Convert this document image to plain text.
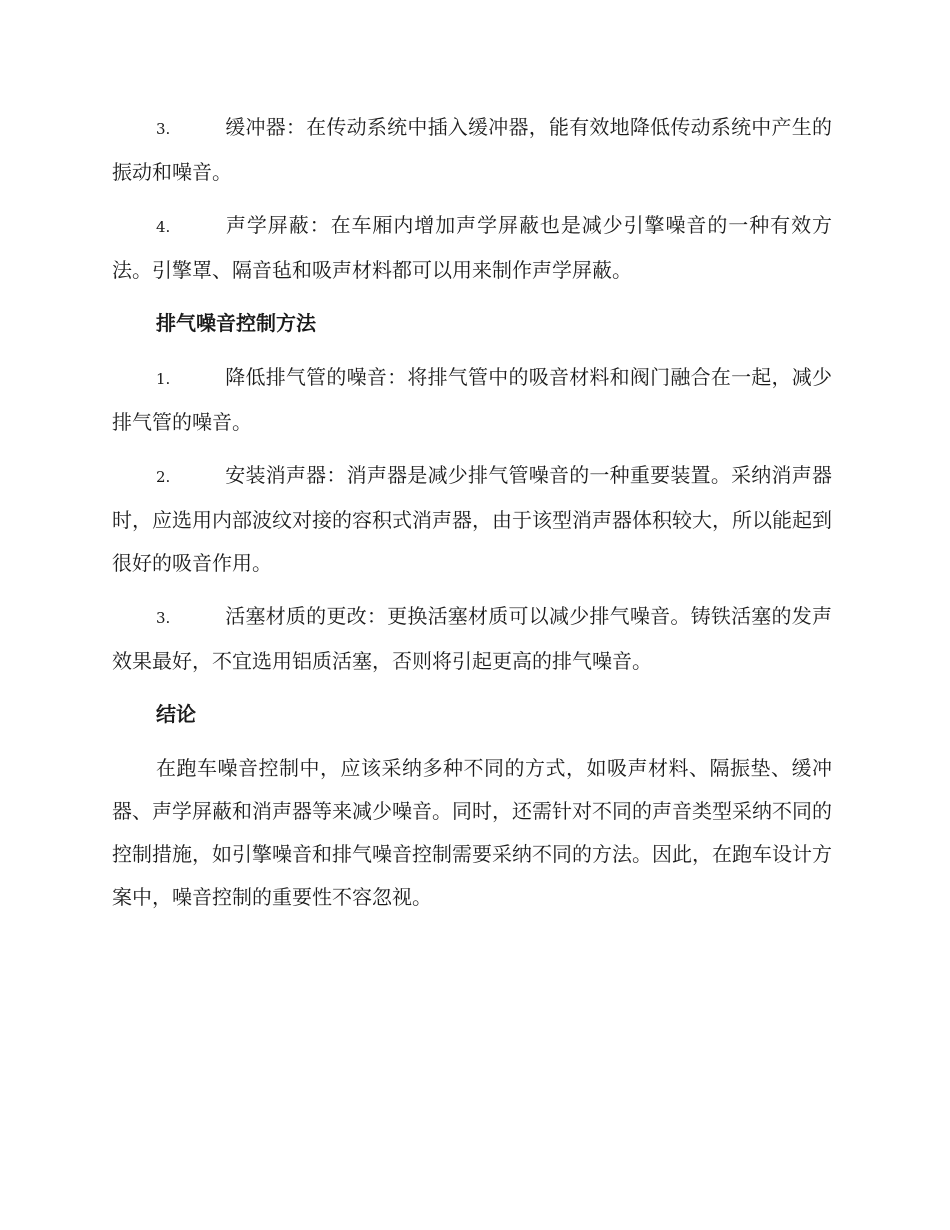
3.	缓冲器：在传动系统中插入缓冲器，能有效地降低传动系统中产生的振动和噪音。

4.	声学屏蔽：在车厢内增加声学屏蔽也是减少引擎噪音的一种有效方法。引擎罩、隔音毡和吸声材料都可以用来制作声学屏蔽。

排气噪音控制方法

1.	降低排气管的噪音：将排气管中的吸音材料和阀门融合在一起，减少排气管的噪音。

2.	安装消声器：消声器是减少排气管噪音的一种重要装置。采纳消声器时，应选用内部波纹对接的容积式消声器，由于该型消声器体积较大，所以能起到很好的吸音作用。

3.	活塞材质的更改：更换活塞材质可以减少排气噪音。铸铁活塞的发声效果最好，不宜选用铝质活塞，否则将引起更高的排气噪音。

结论

在跑车噪音控制中，应该采纳多种不同的方式，如吸声材料、隔振垫、缓冲器、声学屏蔽和消声器等来减少噪音。同时，还需针对不同的声音类型采纳不同的控制措施，如引擎噪音和排气噪音控制需要采纳不同的方法。因此，在跑车设计方案中，噪音控制的重要性不容忽视。
